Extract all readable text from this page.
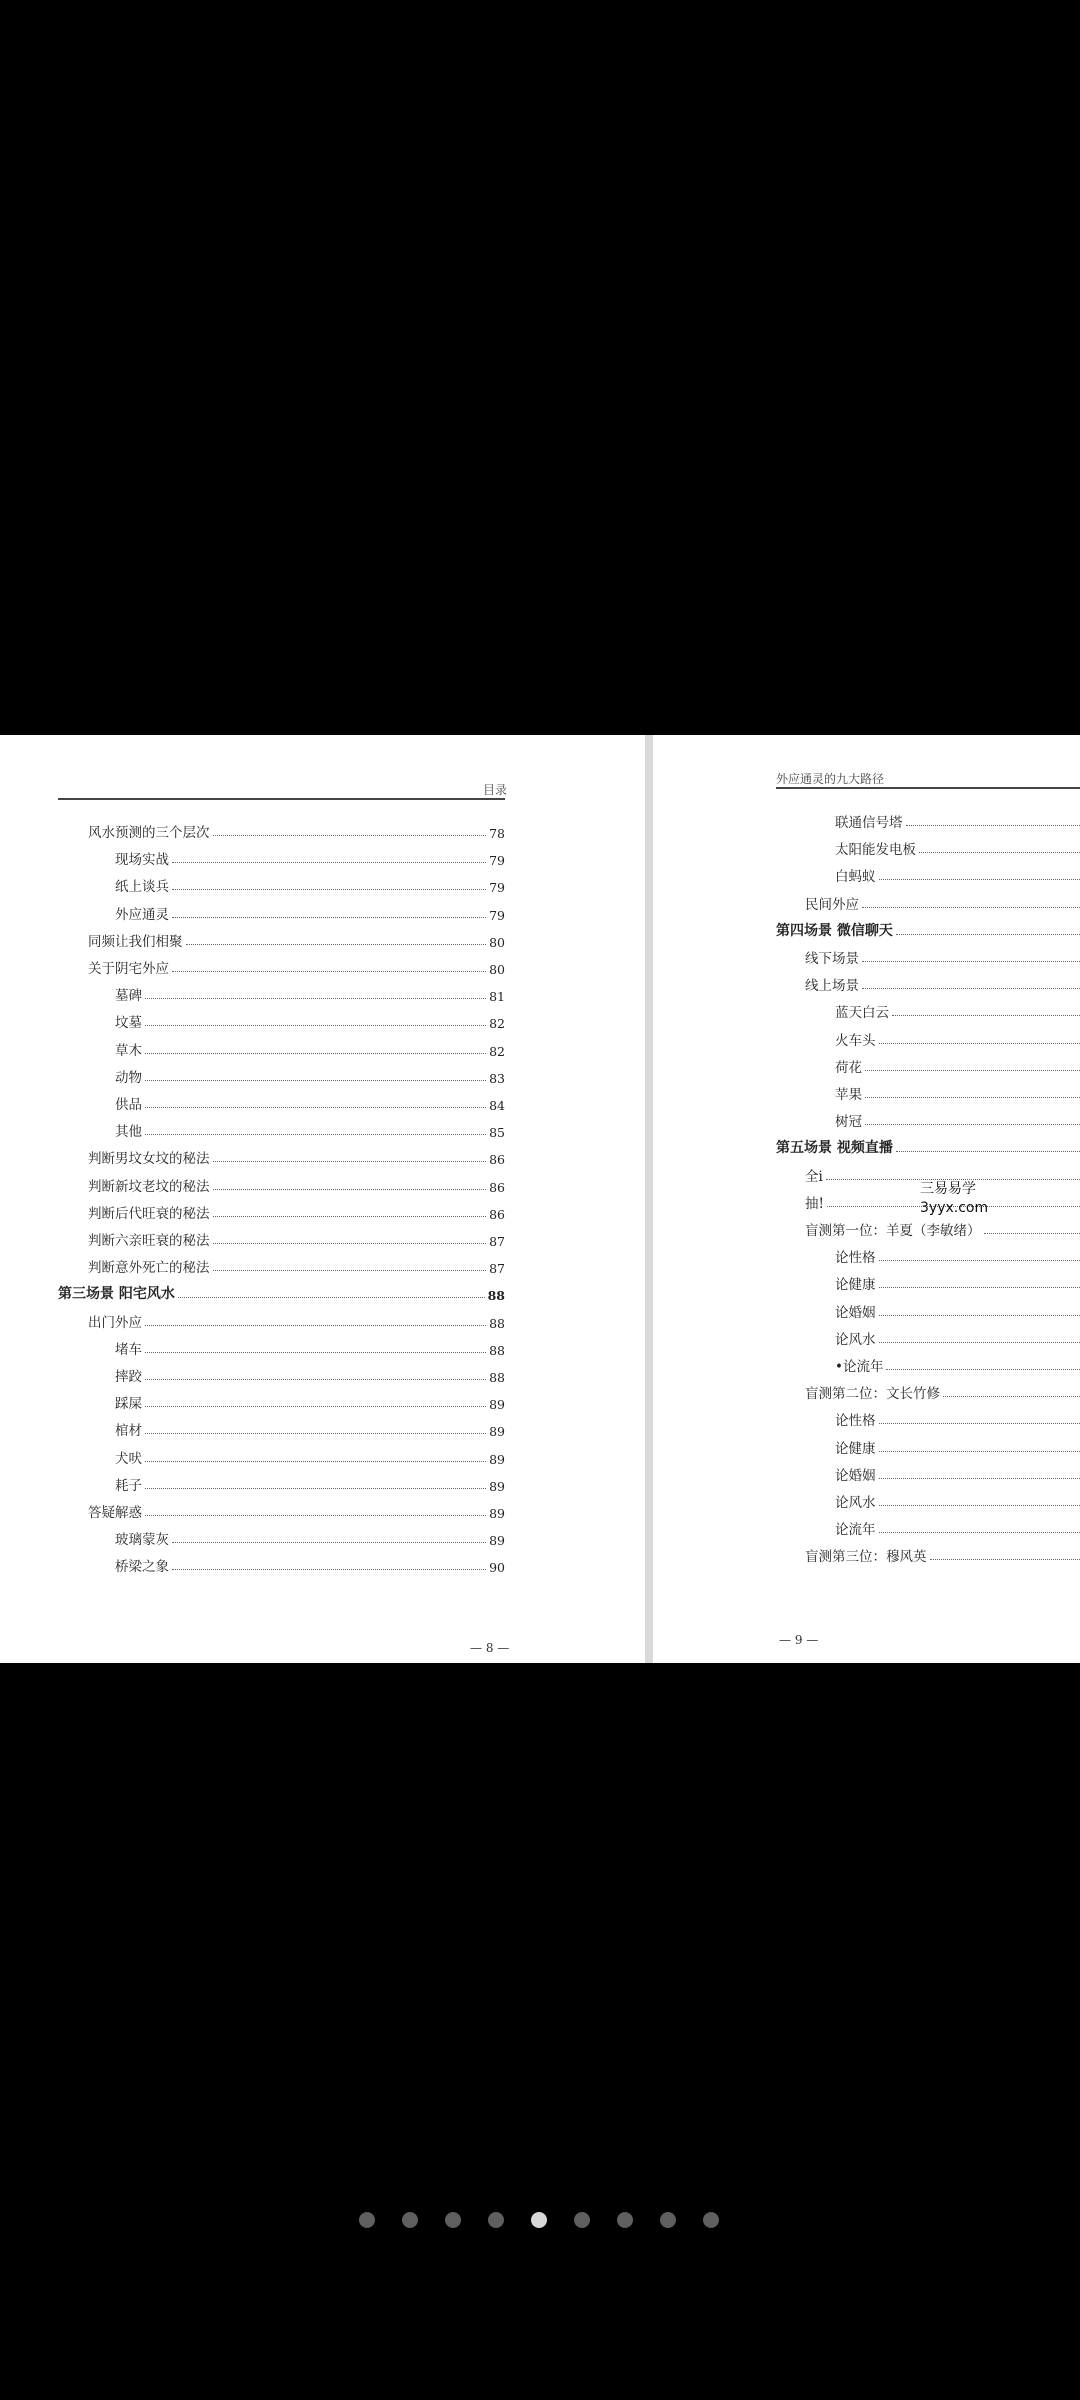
目录
风水预测的三个层次	78
现场实战	79
纸上谈兵	79
外应通灵	79
同频让我们相聚	80
关于阴宅外应	80
墓碑	81
坟墓	82
草木	82
动物	83
供品	84
其他	85
判断男坟女坟的秘法	86
判断新坟老坟的秘法	86
判断后代旺衰的秘法	86
判断六亲旺衰的秘法	87
判断意外死亡的秘法	87
第三场景 阳宅风水	88
出门外应	88
堵车	88
摔跤	88
踩屎	89
棺材	89
犬吠	89
耗子	89
答疑解惑	89
玻璃蒙灰	89
桥梁之象	90
— 8 —
外应通灵的九大路径
联通信号塔
太阳能发电板
白蚂蚁
民间外应
第四场景 微信聊天
线下场景
线上场景
蓝天白云
火车头
荷花
苹果
树冠
第五场景 视频直播
全i
抽!
盲测第一位：羊夏（李敏绪）
论性格
论健康
论婚姻
论风水
•论流年
盲测第二位：文长竹修
论性格
论健康
论婚姻
论风水
论流年
盲测第三位：穆风英
— 9 —
三易易学
3yyx.com
